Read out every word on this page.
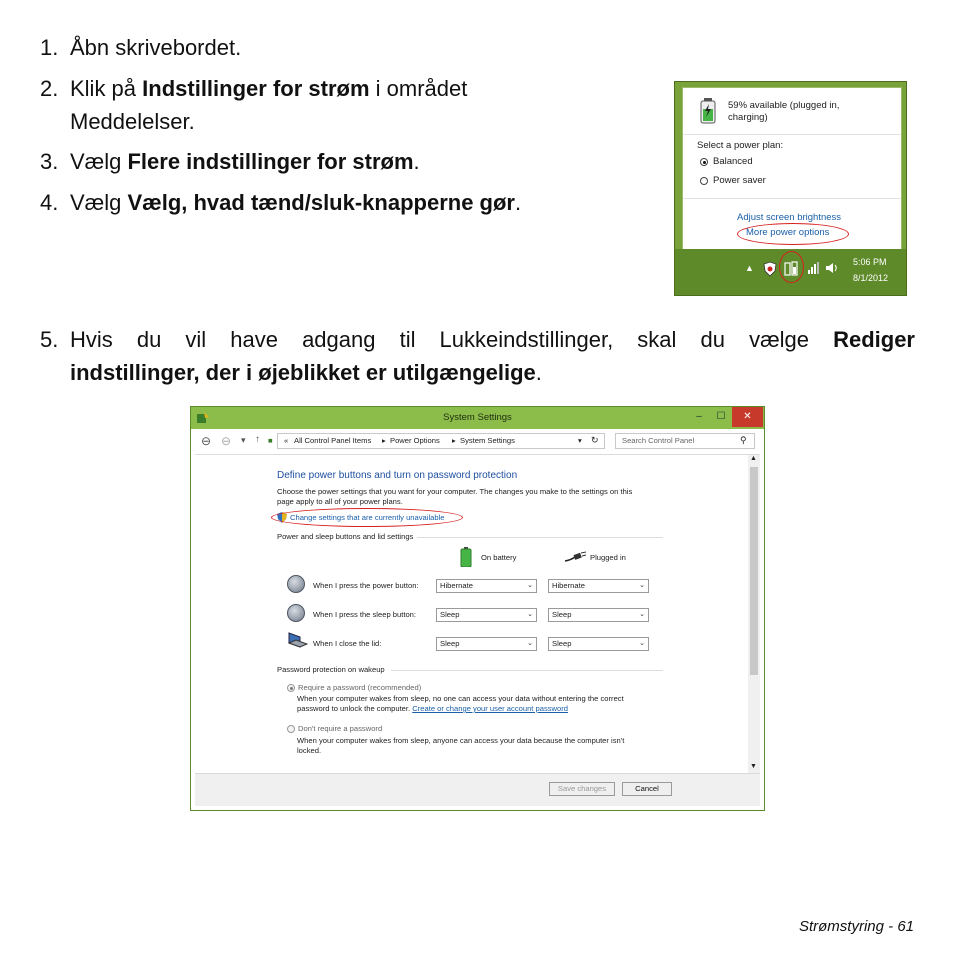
1. Åbn skrivebordet.
2. Klik på Indstillinger for strøm i området
Meddelelser.
3. Vælg Flere indstillinger for strøm.
4. Vælg Vælg, hvad tænd/sluk-knapperne gør.
59% available (plugged in,
charging)
Select a power plan:
Balanced
Power saver
Adjust screen brightness
More power options
▲
5:06 PM
8/1/2012
5. Hvis du vil have adgang til Lukkeindstillinger, skal du vælge Rediger
indstillinger, der i øjeblikket er utilgængelige.
System Settings	–	☐	✕
⊖ ⊖ ▾ ↑ ■ « All Control Panel Items ▸ Power Options ▸ System Settings	▾ ↻	Search Control Panel	⚲
Define power buttons and turn on password protection
Choose the power settings that you want for your computer. The changes you make to the settings on this
page apply to all of your power plans.
Change settings that are currently unavailable
Power and sleep buttons and lid settings
On battery	Plugged in
When I press the power button:	Hibernate	⌄	Hibernate	⌄
When I press the sleep button:	Sleep	⌄	Sleep	⌄
When I close the lid:	Sleep	⌄	Sleep	⌄
Password protection on wakeup
Require a password (recommended)
When your computer wakes from sleep, no one can access your data without entering the correct
password to unlock the computer. Create or change your user account password
Don't require a password
When your computer wakes from sleep, anyone can access your data because the computer isn't
locked.
▲
▼
Save changes	Cancel
Strømstyring - 61
